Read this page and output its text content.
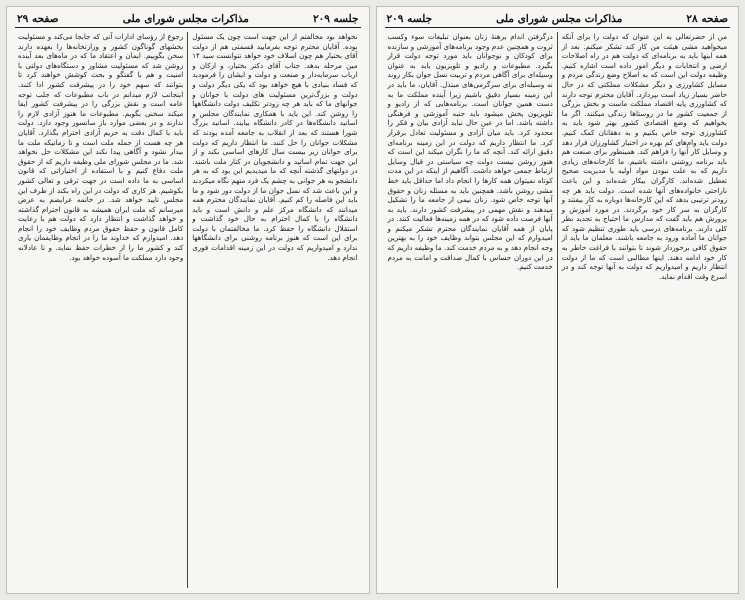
صفحه ۲۸
مذاکرات مجلس شورای ملی
جلسه ۲۰۹

من از حضرتعالی به این عنوان که دولت را برای آنکه میخواهید مشی هیئت من کار کند تشکر میکنم. بعد از همه اینها باید به برنامه‌ای که دولت هم در راه اصلاحات ارضی و انتخابات و دیگر امور داده است اشاره کنیم. وظیفه دولت این است که به اصلاح وضع زندگی مردم و مسایل کشاورزی و دیگر مشکلات مملکتی که در حال حاضر بسیار زیاد است بپردازد. آقایان محترم توجه دارند که کشاورزی پایه اقتصاد مملکت ماست و بخش بزرگی از جمعیت کشور ما در روستاها زندگی میکنند. اگر ما بخواهیم که وضع اقتصادی کشور بهتر شود باید به کشاورزی توجه خاص بکنیم و به دهقانان کمک کنیم. دولت باید وام‌های کم بهره در اختیار کشاورزان قرار دهد و وسایل کار آنها را فراهم کند. همینطور برای صنعت هم باید برنامه روشنی داشته باشیم. ما کارخانه‌های زیادی داریم که به علت نبودن مواد اولیه یا مدیریت صحیح تعطیل شده‌اند. کارگران بیکار شده‌اند و این باعث ناراحتی خانواده‌های آنها شده است. دولت باید هر چه زودتر ترتیبی بدهد که این کارخانه‌ها دوباره به کار بیفتند و کارگران به سر کار خود برگردند. در مورد آموزش و پرورش هم باید گفت که مدارس ما احتیاج به تجدید نظر کلی دارند. برنامه‌های درسی باید طوری تنظیم شود که جوانان ما آماده ورود به جامعه باشند. معلمان ما باید از حقوق کافی برخوردار شوند تا بتوانند با فراغت خاطر به کار خود ادامه دهند. اینها مطالبی است که ما از دولت انتظار داریم و امیدواریم که دولت به آنها توجه کند و در اسرع وقت اقدام نماید.

درگرفتن اندام برهنهٔ زنان بعنوان تبلیغات سوء وکسب ثروت و همچنین عدم وجود برنامه‌های آموزشی و سازنده برای کودکان و نوجوانان باید مورد توجه دولت قرار بگیرد. مطبوعات و رادیو و تلویزیون باید به عنوان وسیله‌ای برای آگاهی مردم و تربیت نسل جوان بکار روند نه وسیله‌ای برای سرگرمی‌های مبتذل. آقایان، ما باید در این زمینه بسیار دقیق باشیم زیرا آینده مملکت ما به دست همین جوانان است. برنامه‌هایی که از رادیو و تلویزیون پخش میشود باید جنبه آموزشی و فرهنگی داشته باشد. اما در عین حال نباید آزادی بیان و فکر را محدود کرد. باید میان آزادی و مسئولیت تعادل برقرار کرد. ما انتظار داریم که دولت در این زمینه برنامه‌ای دقیق ارائه کند. آنچه که ما را نگران میکند این است که هنوز روشن نیست دولت چه سیاستی در قبال وسایل ارتباط جمعی خواهد داشت. آگاهیم از اینکه در این مدت کوتاه نمیتوان همه کارها را انجام داد اما حداقل باید خط مشی روشن باشد. همچنین باید به مسئله زنان و حقوق آنها توجه خاص شود. زنان نیمی از جامعه ما را تشکیل میدهند و نقش مهمی در پیشرفت کشور دارند. باید به آنها فرصت داده شود که در همه زمینه‌ها فعالیت کنند. در پایان از همه آقایان نمایندگان محترم تشکر میکنم و امیدوارم که این مجلس بتواند وظایف خود را به بهترین وجه انجام دهد و به مردم خدمت کند. ما وظیفه داریم که در این دوران حساس با کمال صداقت و امانت به مردم خدمت کنیم.

جلسه ۲۰۹
مذاکرات مجلس شورای ملی
صفحه ۲۹

نخواهد بود مخالفتم از این جهت است چون یک مسئول بوده. آقایان محترم توجه بفرمایید قسمتی هم از دولت آقای بختیار هم چون اسلاف خود خواهد نتوانست سید ۱۴ مین مرحله بدهد. جناب آقای دکتر بختیار، و ارکان و ارباب سرمایه‌دار و صنعت و دولت و ایشان را فرمودید که فساد بنیادی با هیچ خواهد بود که یکی دیگر دولت و دولت و بزرگ‌ترین مسئولیت های دولت با جوانان و جوانهای ما که باید هر چه زودتر تکلیف دولت دانشگاهها را روشن کند. این باید با همکاری نمایندگان مجلس و اساتید دانشگاه‌ها در کادر دانشگاه بیایند. اساتید بزرگ شورا هستند که بعد از انقلاب به جامعه آمده بودند که مشکلات جوانان را حل کنند. ما انتظار داریم که دولت برای جوانان زیر بیست سال کارهای اساسی بکند و از این جهت تمام اساتید و دانشجویان در کنار ملت باشند. در دولتهای گذشته آنچه که ما میدیدیم این بود که به هر دانشجو به هر جوانی به چشم یک فرد متهم نگاه میکردند و این باعث شد که نسل جوان ما از دولت دور شود و ما باید این فاصله را کم کنیم. آقایان نمایندگان محترم همه میدانند که دانشگاه مرکز علم و دانش است و باید دانشگاه را با کمال احترام به حال خود گذاشت و استقلال دانشگاه را حفظ کرد. ما مخالفتمان با دولت برای این است که هنوز برنامه روشنی برای دانشگاهها ندارد و امیدواریم که دولت در این زمینه اقدامات فوری انجام دهد.

رجوع از رؤسای ادارات آنی که جابجا می‌کند و مسئولیت بخشهای گوناگون کشور و وزارتخانه‌ها را بعهده دارند سخن بگوییم. ایمان و اعتقاد ما که در ماه‌های بعد آینده روشن شد که مسئولیت مشاور و دستگاه‌های دولتی با امنیت و هم با گفتگو و بحث کوشش خواهند کرد تا بتوانند که سهم خود را در پیشرفت کشور ادا کنند. اینجانب لازم میدانم در باب مطبوعات که جلب توجه عامه است و نقش بزرگی را در پیشرفت کشور ایفا میکند سخنی بگویم. مطبوعات ما هنوز آزادی لازم را ندارند و در بعضی موارد باز سانسور وجود دارد. دولت باید با کمال دقت به حریم آزادی احترام بگذارد. آقایان هر چه هست از جمله ملت است و تا زمانیکه ملت ما بیدار نشود و آگاهی پیدا نکند این مشکلات حل نخواهد شد. ما در مجلس شورای ملی وظیفه داریم که از حقوق ملت دفاع کنیم و با استفاده از اختیاراتی که قانون اساسی به ما داده است در جهت ترقی و تعالی کشور بکوشیم. هر کاری که دولت در این راه بکند از طرف این مجلس تایید خواهد شد. در خاتمه عرایضم به عرض میرسانم که ملت ایران همیشه به قانون احترام گذاشته و خواهد گذاشت و انتظار دارد که دولت هم با رعایت کامل قانون و حفظ حقوق مردم وظایف خود را انجام دهد. امیدوارم که خداوند ما را در انجام وظایفمان یاری کند و کشور ما را از خطرات حفظ نماید. و تا عادلانه وجود دارد مملکت ما آسوده خواهد بود.
